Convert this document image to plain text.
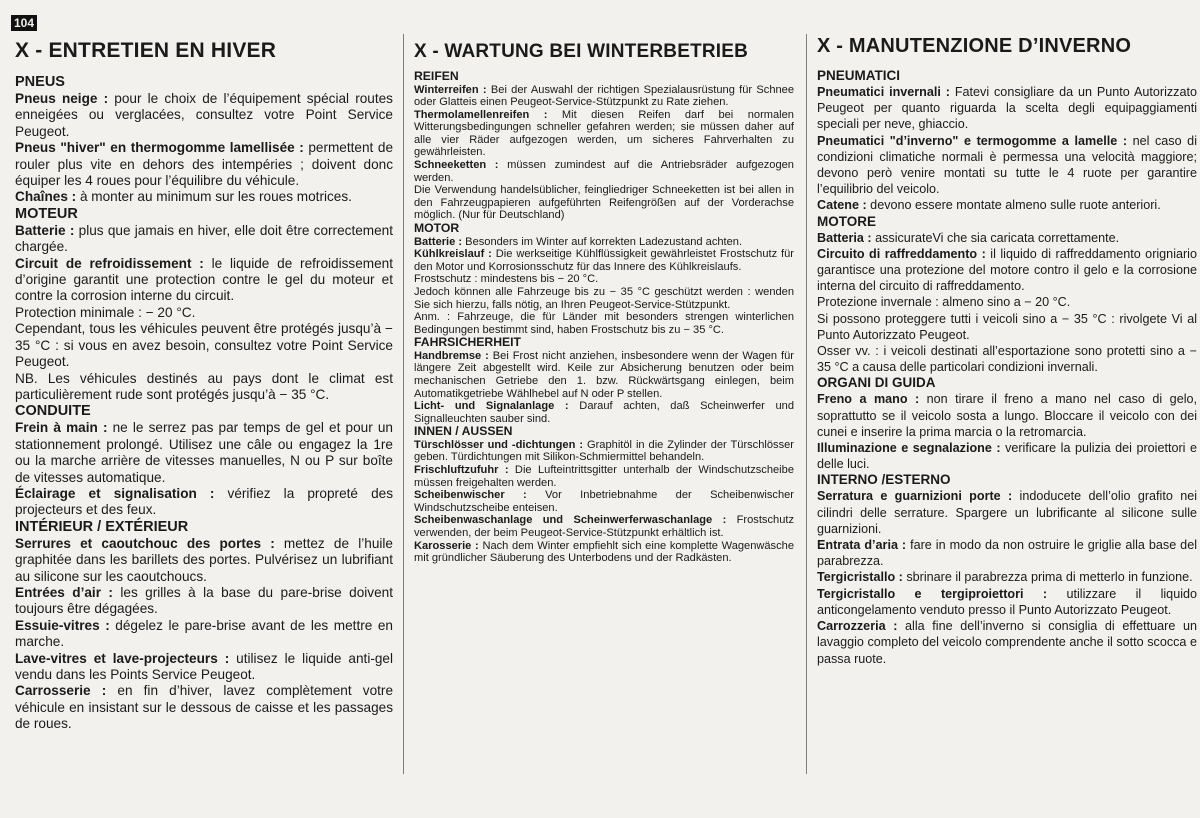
104
X - ENTRETIEN EN HIVER
PNEUS

Pneus neige : pour le choix de l’équipement spécial routes enneigées ou verglacées, consultez votre Point Service Peugeot.

Pneus "hiver" en thermogomme lamellisée : permettent de rouler plus vite en dehors des intempéries ; doivent donc équiper les 4 roues pour l’équilibre du véhicule.

Chaînes : à monter au minimum sur les roues motrices.

MOTEUR

Batterie : plus que jamais en hiver, elle doit être correctement chargée.

Circuit de refroidissement : le liquide de refroidissement d’origine garantit une protection contre le gel du moteur et contre la corrosion interne du circuit.

Protection minimale : − 20 °C.

Cependant, tous les véhicules peuvent être protégés jusqu’à − 35 °C : si vous en avez besoin, consultez votre Point Service Peugeot.

NB. Les véhicules destinés au pays dont le climat est particulièrement rude sont protégés jusqu’à − 35 °C.

CONDUITE

Frein à main : ne le serrez pas par temps de gel et pour un stationnement prolongé. Utilisez une câle ou engagez la 1re ou la marche arrière de vitesses manuelles, N ou P sur boîte de vitesses automatique.

Éclairage et signalisation : vérifiez la propreté des projecteurs et des feux.

INTÉRIEUR / EXTÉRIEUR

Serrures et caoutchouc des portes : mettez de l’huile graphitée dans les barillets des portes. Pulvérisez un lubrifiant au silicone sur les caoutchoucs.

Entrées d’air : les grilles à la base du pare-brise doivent toujours être dégagées.

Essuie-vitres : dégelez le pare-brise avant de les mettre en marche.

Lave-vitres et lave-projecteurs : utilisez le liquide anti-gel vendu dans les Points Service Peugeot.

Carrosserie : en fin d’hiver, lavez complètement votre véhicule en insistant sur le dessous de caisse et les passages de roues.

X - WARTUNG BEI WINTERBETRIEB
REIFEN

Winterreifen : Bei der Auswahl der richtigen Spezialausrüstung für Schnee oder Glatteis einen Peugeot-Service-Stützpunkt zu Rate ziehen.

Thermolamellenreifen : Mit diesen Reifen darf bei normalen Witterungsbedingungen schneller gefahren werden; sie müssen daher auf alle vier Räder aufgezogen werden, um sicheres Fahrverhalten zu gewährleisten.

Schneeketten : müssen zumindest auf die Antriebsräder aufgezogen werden.

Die Verwendung handelsüblicher, feingliedriger Schneeketten ist bei allen in den Fahrzeugpapieren aufgeführten Reifengrößen auf der Vorderachse möglich. (Nur für Deutschland)

MOTOR

Batterie : Besonders im Winter auf korrekten Ladezustand achten.

Kühlkreislauf : Die werkseitige Kühlflüssigkeit gewährleistet Frostschutz für den Motor und Korrosionsschutz für das Innere des Kühlkreislaufs.

Frostschutz : mindestens bis − 20 °C.

Jedoch können alle Fahrzeuge bis zu − 35 °C geschützt werden : wenden Sie sich hierzu, falls nötig, an Ihren Peugeot-Service-Stützpunkt.

Anm. : Fahrzeuge, die für Länder mit besonders strengen winterlichen Bedingungen bestimmt sind, haben Frostschutz bis zu − 35 °C.

FAHRSICHERHEIT

Handbremse : Bei Frost nicht anziehen, insbesondere wenn der Wagen für längere Zeit abgestellt wird. Keile zur Absicherung benutzen oder beim mechanischen Getriebe den 1. bzw. Rückwärtsgang einlegen, beim Automatikgetriebe Wählhebel auf N oder P stellen.

Licht- und Signalanlage : Darauf achten, daß Scheinwerfer und Signalleuchten sauber sind.

INNEN / AUSSEN

Türschlösser und -dichtungen : Graphitöl in die Zylinder der Türschlösser geben. Türdichtungen mit Silikon-Schmiermittel behandeln.

Frischluftzufuhr : Die Lufteintrittsgitter unterhalb der Windschutzscheibe müssen freigehalten werden.

Scheibenwischer : Vor Inbetriebnahme der Scheibenwischer Windschutzscheibe enteisen.

Scheibenwaschanlage und Scheinwerferwaschanlage : Frostschutz verwenden, der beim Peugeot-Service-Stützpunkt erhältlich ist.

Karosserie : Nach dem Winter empfiehlt sich eine komplette Wagenwäsche mit gründlicher Säuberung des Unterbodens und der Radkästen.

X - MANUTENZIONE D’INVERNO
PNEUMATICI

Pneumatici invernali : Fatevi consigliare da un Punto Autorizzato Peugeot per quanto riguarda la scelta degli equipaggiamenti speciali per neve, ghiaccio.

Pneumatici "d’inverno" e termogomme a lamelle : nel caso di condizioni climatiche normali è permessa una velocità maggiore; devono però venire montati su tutte le 4 ruote per garantire l’equilibrio del veicolo.

Catene : devono essere montate almeno sulle ruote anteriori.

MOTORE

Batteria : assicurateVi che sia caricata correttamente.

Circuito di raffreddamento : il liquido di raffreddamento origniario garantisce una protezione del motore contro il gelo e la corrosione interna del circuito di raffreddamento.

Protezione invernale : almeno sino a − 20 °C.

Si possono proteggere tutti i veicoli sino a − 35 °C : rivolgete Vi al Punto Autorizzato Peugeot.

Osser vv. : i veicoli destinati all’esportazione sono protetti sino a − 35 °C a causa delle particolari condizioni invernali.

ORGANI DI GUIDA

Freno a mano : non tirare il freno a mano nel caso di gelo, soprattutto se il veicolo sosta a lungo. Bloccare il veicolo con dei cunei e inserire la prima marcia o la retromarcia.

Illuminazione e segnalazione : verificare la pulizia dei proiettori e delle luci.

INTERNO /ESTERNO

Serratura e guarnizioni porte : indoducete dell’olio grafito nei cilindri delle serrature. Spargere un lubrificante al silicone sulle guarnizioni.

Entrata d’aria : fare in modo da non ostruire le griglie alla base del parabrezza.

Tergicristallo : sbrinare il parabrezza prima di metterlo in funzione.

Tergicristallo e tergiproiettori : utilizzare il liquido anticongelamento venduto presso il Punto Autorizzato Peugeot.

Carrozzeria : alla fine dell’inverno si consiglia di effettuare un lavaggio completo del veicolo comprendente anche il sotto scocca e passa ruote.
